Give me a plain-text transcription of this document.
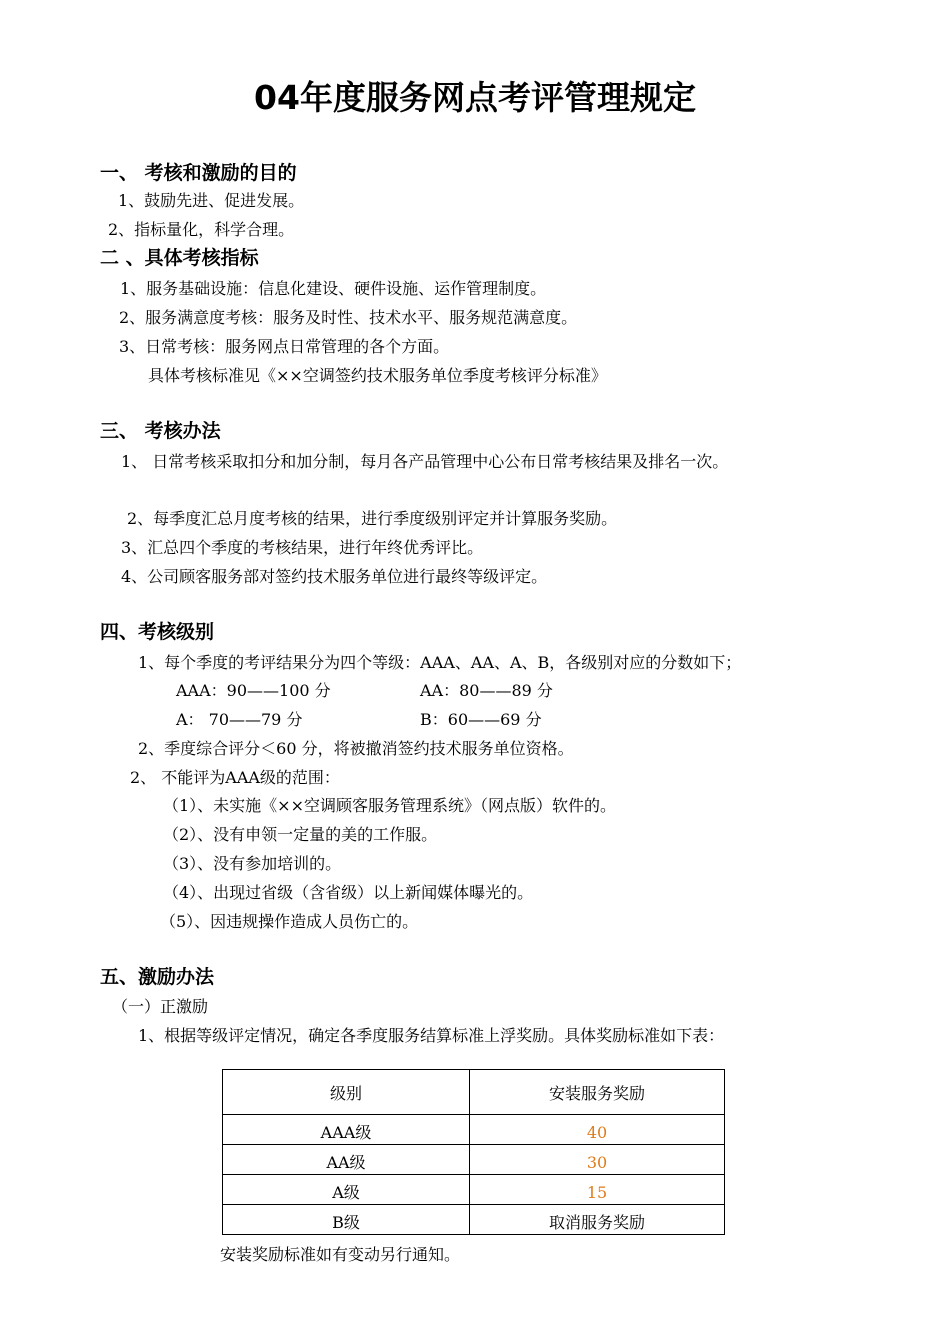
04年度服务网点考评管理规定
一、 考核和激励的目的
1、鼓励先进、促进发展。
2、指标量化，科学合理。
二 、具体考核指标
1、服务基础设施：信息化建设、硬件设施、运作管理制度。
2、服务满意度考核：服务及时性、技术水平、服务规范满意度。
3、日常考核：服务网点日常管理的各个方面。
具体考核标准见《××空调签约技术服务单位季度考核评分标准》
三、 考核办法
1、 日常考核采取扣分和加分制，每月各产品管理中心公布日常考核结果及排名一次。
2、每季度汇总月度考核的结果，进行季度级别评定并计算服务奖励。
3、汇总四个季度的考核结果，进行年终优秀评比。
4、公司顾客服务部对签约技术服务单位进行最终等级评定。
四、考核级别
1、每个季度的考评结果分为四个等级：AAA、AA、A、B，各级别对应的分数如下；
AAA：90——100 分	AA：80——89 分
A： 70——79 分	B：60——69 分
2、季度综合评分＜60 分，将被撤消签约技术服务单位资格。
2、 不能评为AAA级的范围：
（1）、未实施《××空调顾客服务管理系统》（网点版）软件的。
（2）、没有申领一定量的美的工作服。
（3）、没有参加培训的。
（4）、出现过省级（含省级）以上新闻媒体曝光的。
（5）、因违规操作造成人员伤亡的。
五、激励办法
（一）正激励
1、根据等级评定情况，确定各季度服务结算标准上浮奖励。具体奖励标准如下表：
级别	安装服务奖励
AAA级	40
AA级	30
A级	15
B级	取消服务奖励
安装奖励标准如有变动另行通知。
